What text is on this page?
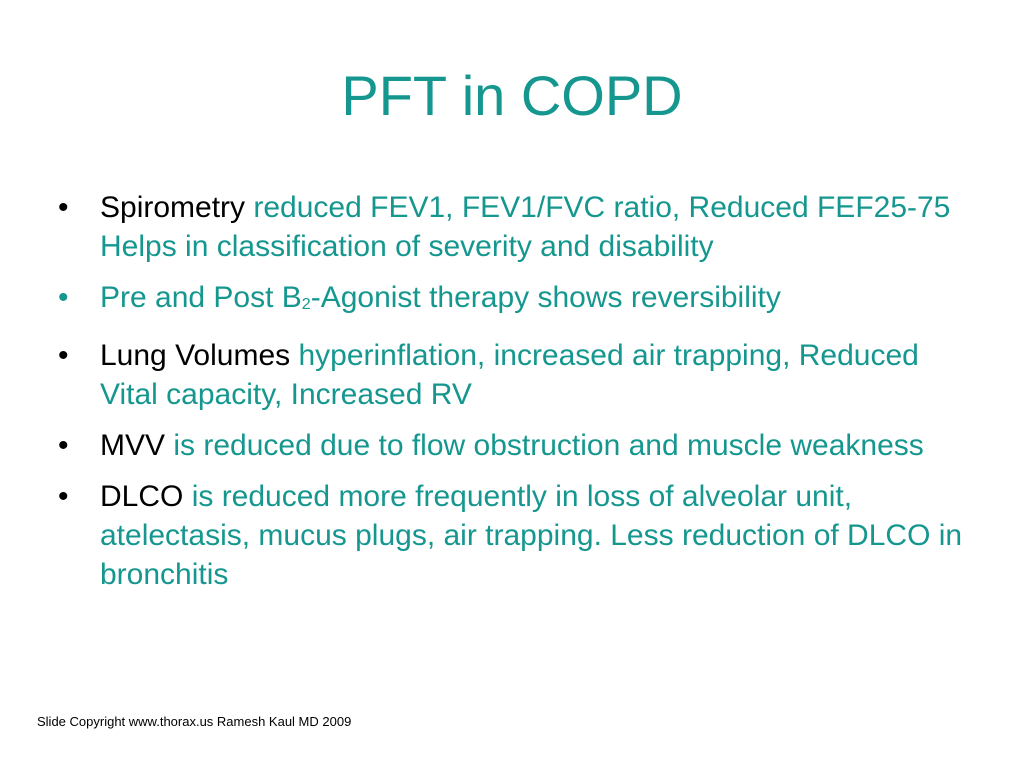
PFT in COPD
• Spirometry reduced FEV1, FEV1/FVC ratio, Reduced FEF25-75 Helps in classification of severity and disability
• Pre and Post B2-Agonist therapy shows reversibility
• Lung Volumes hyperinflation, increased air trapping, Reduced Vital capacity, Increased RV
• MVV is reduced due to flow obstruction and muscle weakness
• DLCO is reduced more frequently in loss of alveolar unit, atelectasis, mucus plugs, air trapping. Less reduction of DLCO in bronchitis
Slide Copyright www.thorax.us Ramesh Kaul MD 2009
